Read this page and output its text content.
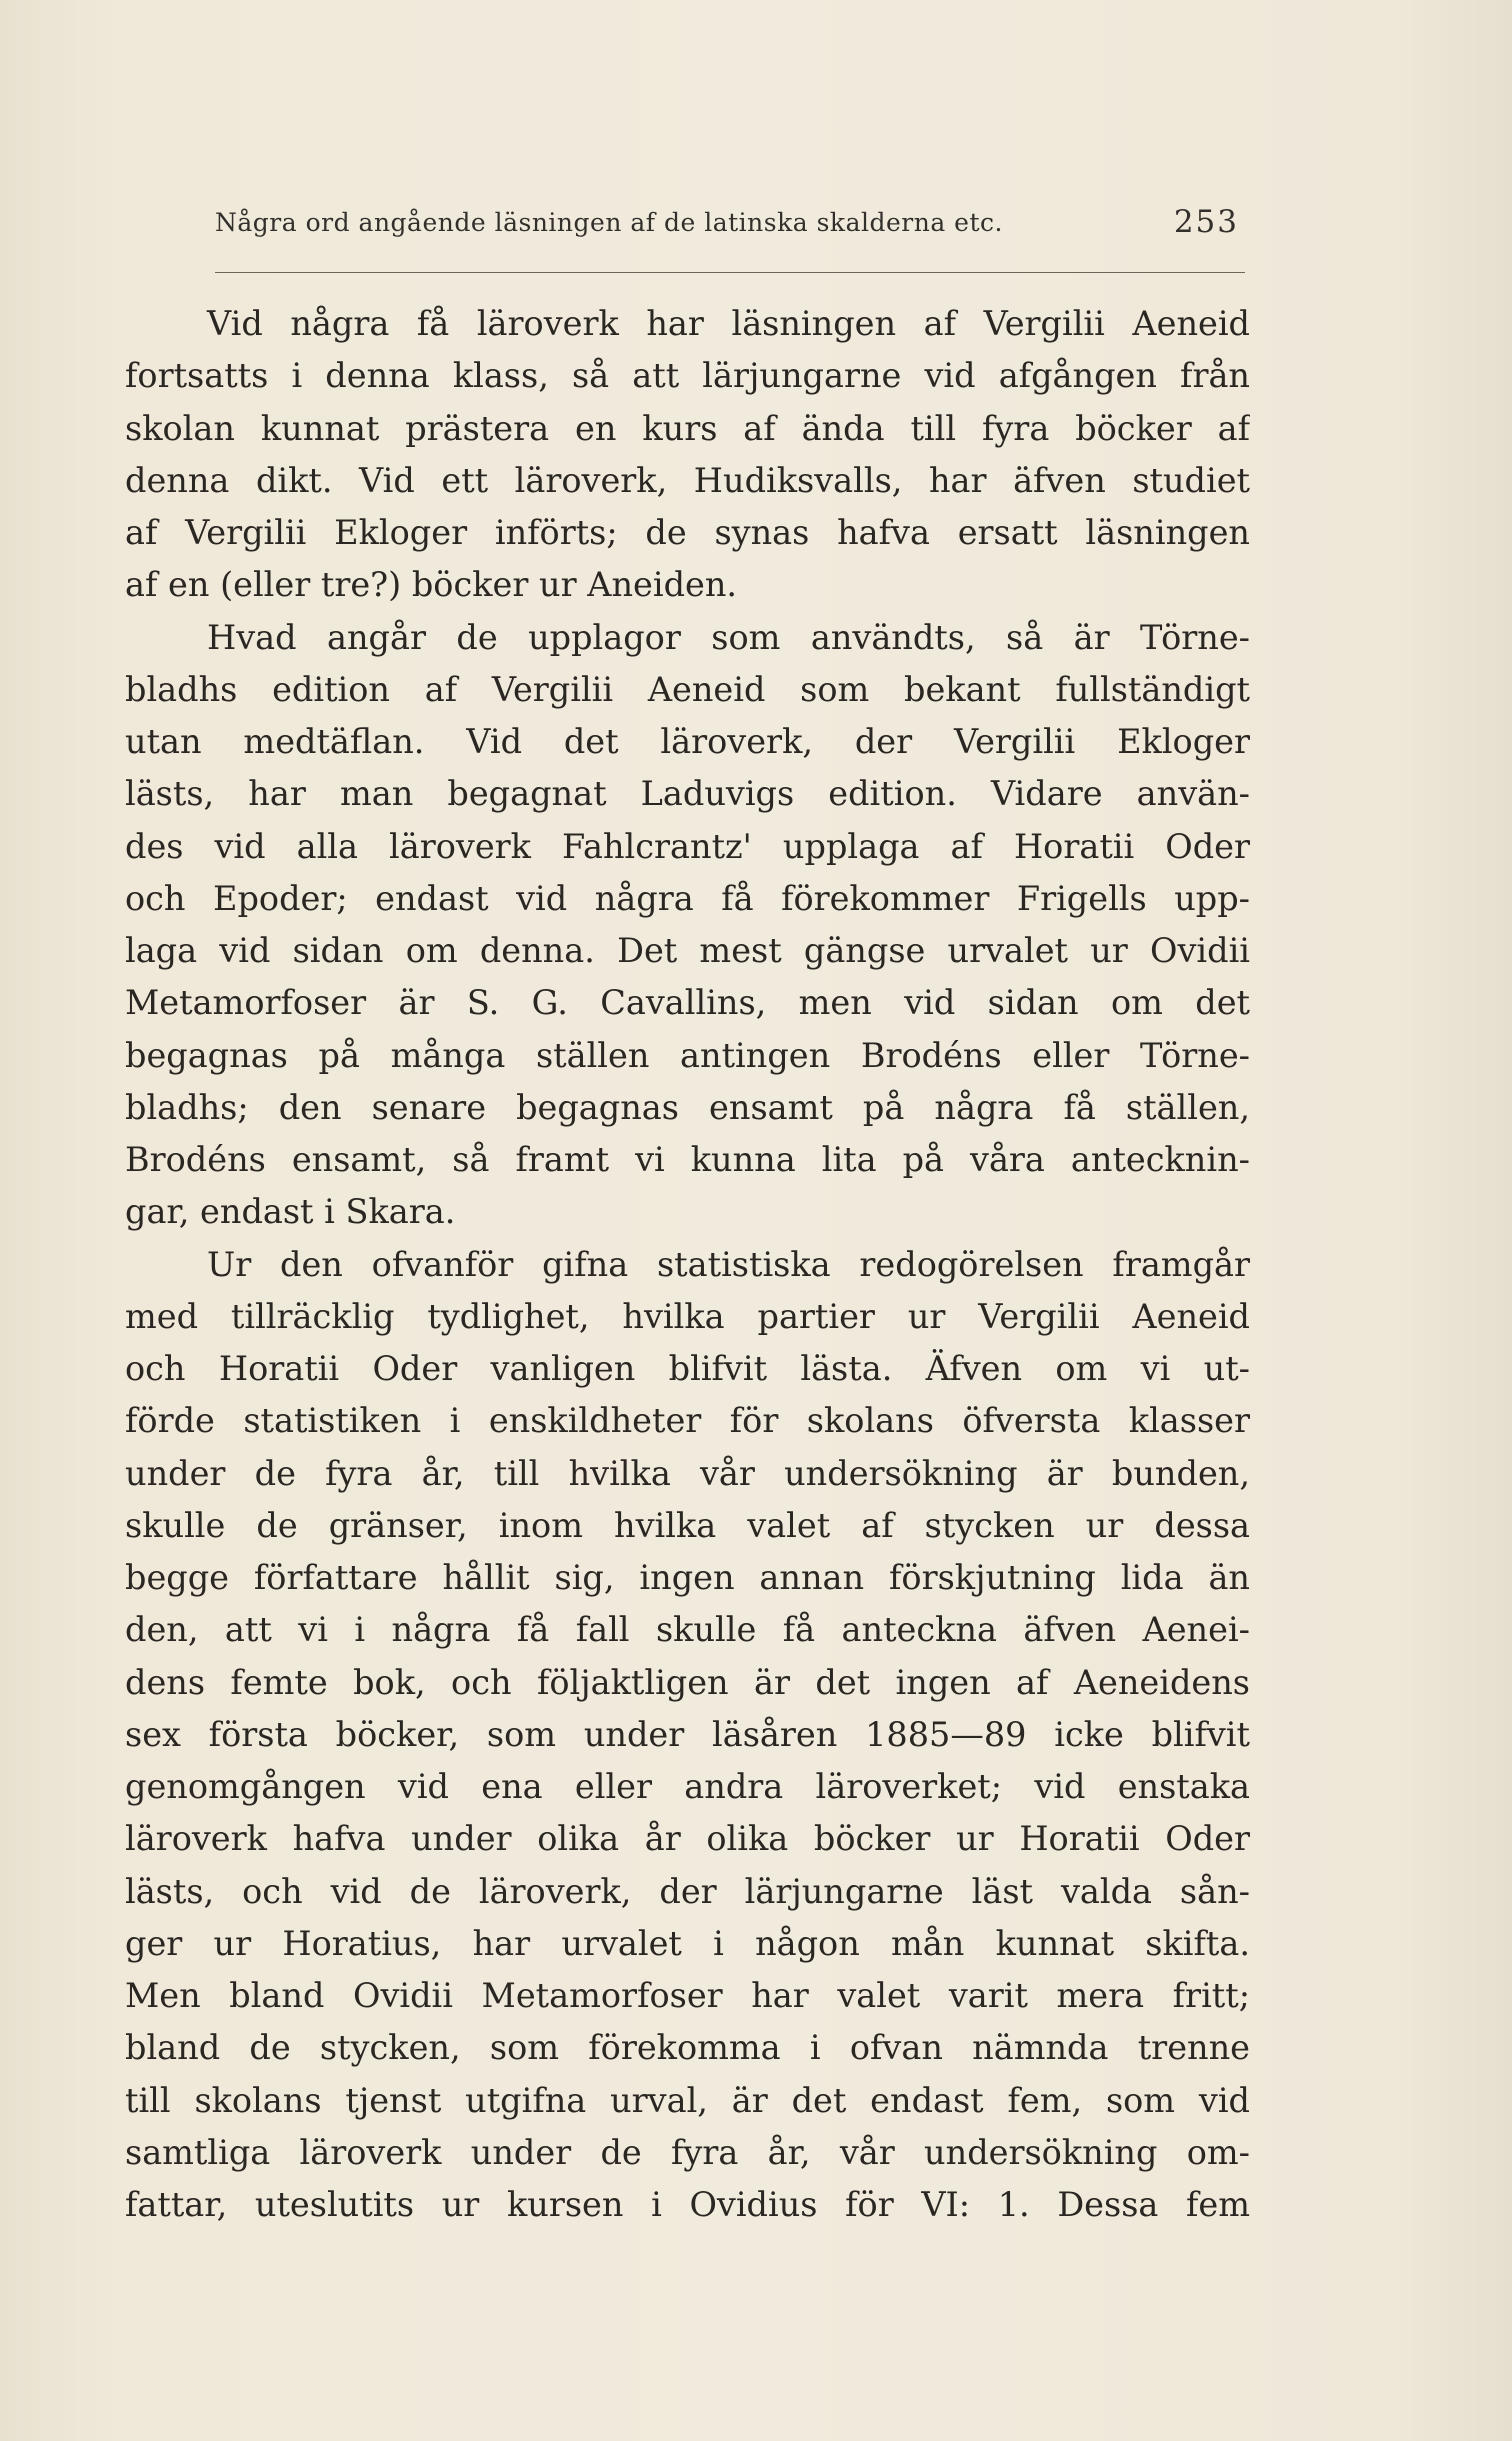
Några ord angående läsningen af de latinska skalderna etc.	253
Vid några få läroverk har läsningen af Vergilii Aeneid
fortsatts i denna klass, så att lärjungarne vid afgången från
skolan kunnat prästera en kurs af ända till fyra böcker af
denna dikt. Vid ett läroverk, Hudiksvalls, har äfven studiet
af Vergilii Ekloger införts; de synas hafva ersatt läsningen
af en (eller tre?) böcker ur Aneiden.
Hvad angår de upplagor som användts, så är Törne-
bladhs edition af Vergilii Aeneid som bekant fullständigt
utan medtäflan. Vid det läroverk, der Vergilii Ekloger
lästs, har man begagnat Laduvigs edition. Vidare använ-
des vid alla läroverk Fahlcrantz' upplaga af Horatii Oder
och Epoder; endast vid några få förekommer Frigells upp-
laga vid sidan om denna. Det mest gängse urvalet ur Ovidii
Metamorfoser är S. G. Cavallins, men vid sidan om det
begagnas på många ställen antingen Brodéns eller Törne-
bladhs; den senare begagnas ensamt på några få ställen,
Brodéns ensamt, så framt vi kunna lita på våra antecknin-
gar, endast i Skara.
Ur den ofvanför gifna statistiska redogörelsen framgår
med tillräcklig tydlighet, hvilka partier ur Vergilii Aeneid
och Horatii Oder vanligen blifvit lästa. Äfven om vi ut-
förde statistiken i enskildheter för skolans öfversta klasser
under de fyra år, till hvilka vår undersökning är bunden,
skulle de gränser, inom hvilka valet af stycken ur dessa
begge författare hållit sig, ingen annan förskjutning lida än
den, att vi i några få fall skulle få anteckna äfven Aenei-
dens femte bok, och följaktligen är det ingen af Aeneidens
sex första böcker, som under läsåren 1885—89 icke blifvit
genomgången vid ena eller andra läroverket; vid enstaka
läroverk hafva under olika år olika böcker ur Horatii Oder
lästs, och vid de läroverk, der lärjungarne läst valda sån-
ger ur Horatius, har urvalet i någon mån kunnat skifta.
Men bland Ovidii Metamorfoser har valet varit mera fritt;
bland de stycken, som förekomma i ofvan nämnda trenne
till skolans tjenst utgifna urval, är det endast fem, som vid
samtliga läroverk under de fyra år, vår undersökning om-
fattar, uteslutits ur kursen i Ovidius för VI: 1. Dessa fem
